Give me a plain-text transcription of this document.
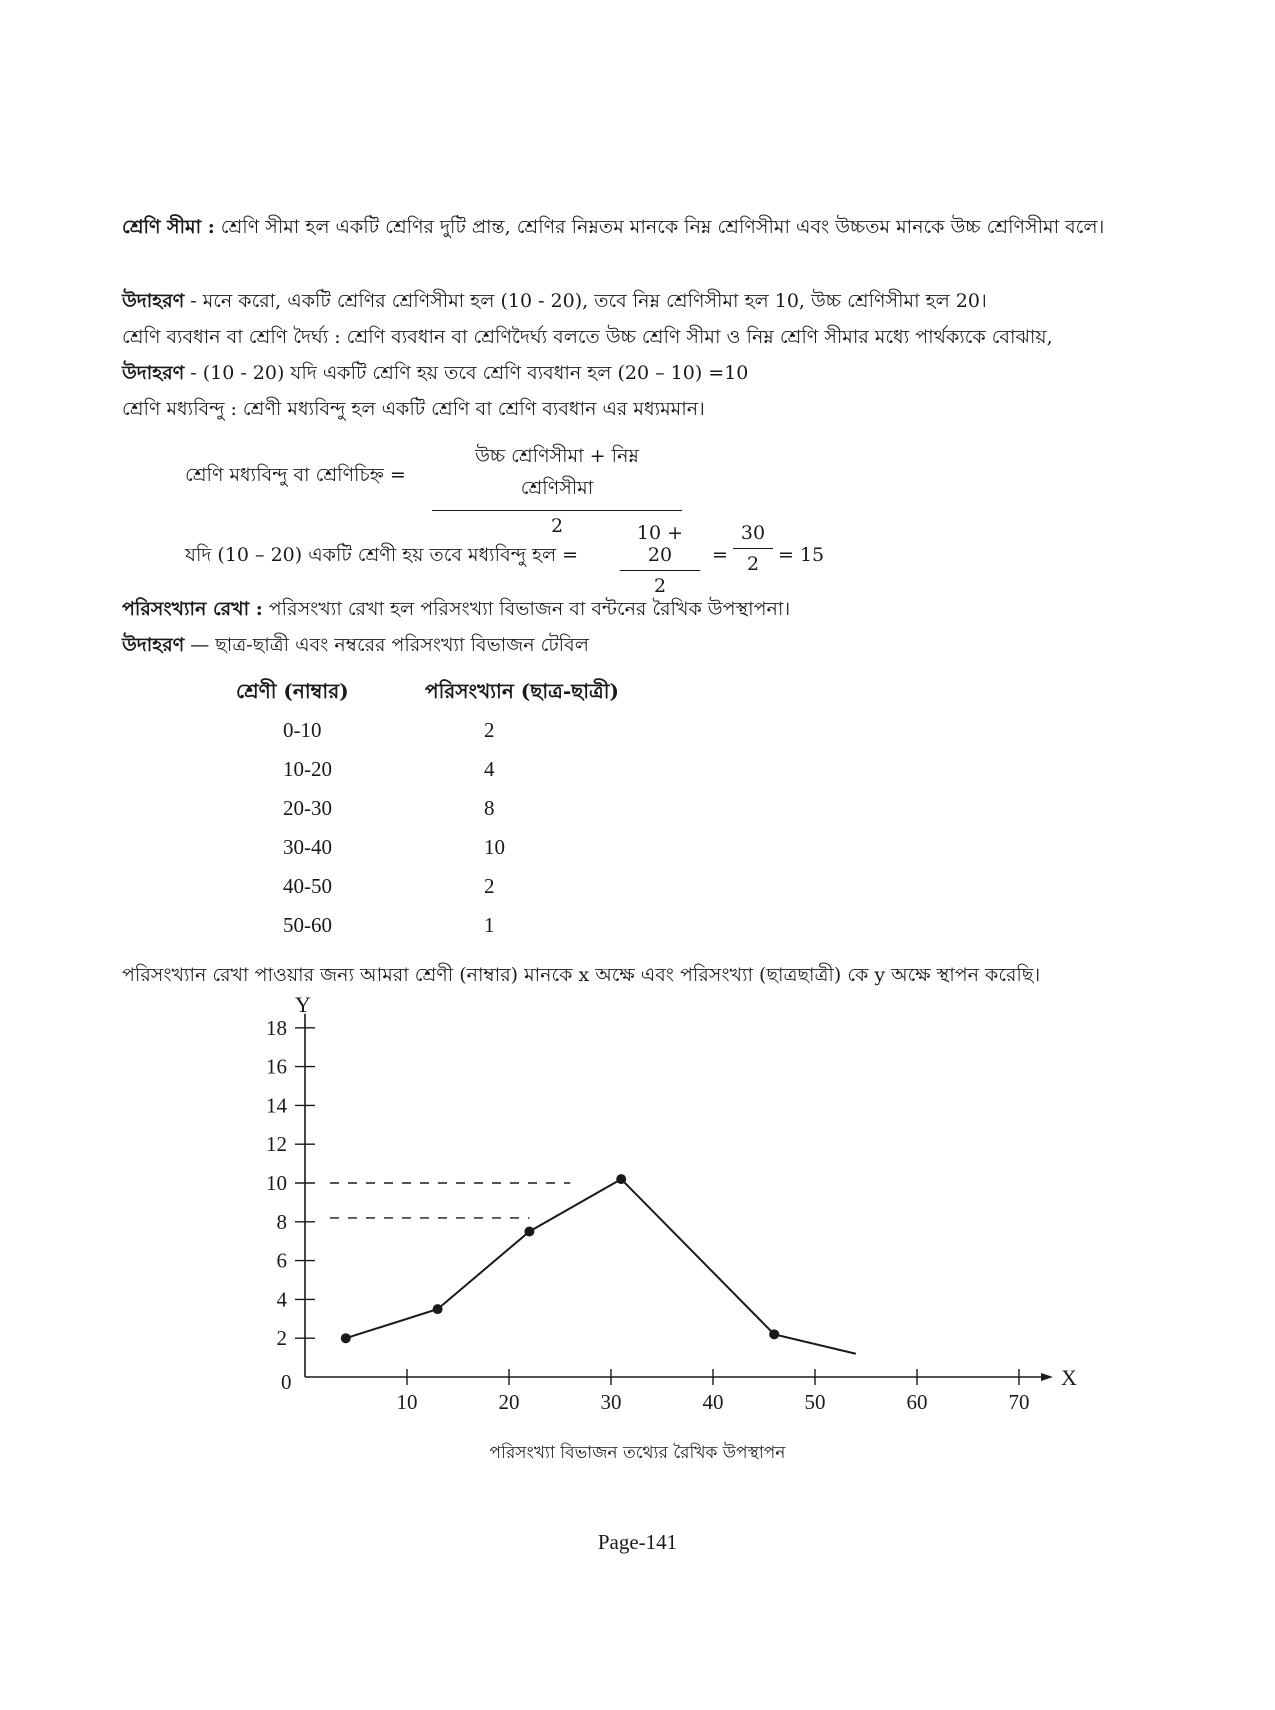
শ্রেণি সীমা : শ্রেণি সীমা হল একটি শ্রেণির দুটি প্রান্ত, শ্রেণির নিম্নতম মানকে নিম্ন শ্রেণিসীমা এবং উচ্চতম মানকে উচ্চ শ্রেণিসীমা বলে।
উদাহরণ - মনে করো, একটি শ্রেণির শ্রেণিসীমা হল (10 - 20), তবে নিম্ন শ্রেণিসীমা হল 10, উচ্চ শ্রেণিসীমা হল 20।
শ্রেণি ব্যবধান বা শ্রেণি দৈর্ঘ্য : শ্রেণি ব্যবধান বা শ্রেণিদৈর্ঘ্য বলতে উচ্চ শ্রেণি সীমা ও নিম্ন শ্রেণি সীমার মধ্যে পার্থক্যকে বোঝায়,
উদাহরণ - (10 - 20) যদি একটি শ্রেণি হয় তবে শ্রেণি ব্যবধান হল (20 – 10) =10
শ্রেণি মধ্যবিন্দু : শ্রেণী মধ্যবিন্দু হল একটি শ্রেণি বা শ্রেণি ব্যবধান এর মধ্যমমান।
শ্রেণি মধ্যবিন্দু বা শ্রেণিচিহ্ন =
উচ্চ শ্রেণিসীমা + নিম্ন শ্রেণিসীমা
2
যদি (10 – 20) একটি শ্রেণী হয় তবে মধ্যবিন্দু হল = $\frac{10 + 20}{2} = \frac{30}{2} = 15$
পরিসংখ্যান রেখা : পরিসংখ্যা রেখা হল পরিসংখ্যা বিভাজন বা বন্টনের রৈখিক উপস্থাপনা।
উদাহরণ — ছাত্র-ছাত্রী এবং নম্বরের পরিসংখ্যা বিভাজন টেবিল
শ্রেণী (নাম্বার)	পরিসংখ্যান (ছাত্র-ছাত্রী)
0-10	2
10-20	4
20-30	8
30-40	10
40-50	2
50-60	1
পরিসংখ্যান রেখা পাওয়ার জন্য আমরা শ্রেণী (নাম্বার) মানকে x অক্ষে এবং পরিসংখ্যা (ছাত্রছাত্রী) কে y অক্ষে স্থাপন করেছি।
Y
X
0
2
4
6
8
10
12
14
16
18
10	20	30	40	50	60	70
পরিসংখ্যা বিভাজন তথ্যের রৈখিক উপস্থাপন
Page-141
